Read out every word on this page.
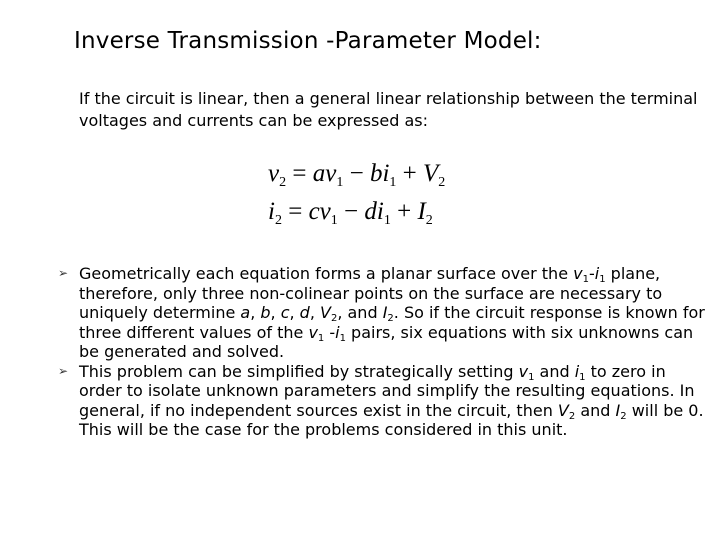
Inverse Transmission -Parameter Model:

If the circuit is linear, then a general linear relationship between the terminal voltages and currents can be expressed as:

$v_2 = av_1 - bi_1 + V_2$
$i_2 = cv_1 - di_1 + I_2$
➢ Geometrically each equation forms a planar surface over the $v_1-i_1$ plane, therefore, only three non-colinear points on the surface are necessary to uniquely determine a, b, c, d, $V_2$, and $I_2$. So if the circuit response is known for three different values of the $v_1$ $-i_1$ pairs, six equations with six unknowns can be generated and solved.
➢ This problem can be simplified by strategically setting $v_1$ and $i_1$ to zero in order to isolate unknown parameters and simplify the resulting equations. In general, if no independent sources exist in the circuit, then $V_2$ and $I_2$ will be 0. This will be the case for the problems considered in this unit.
